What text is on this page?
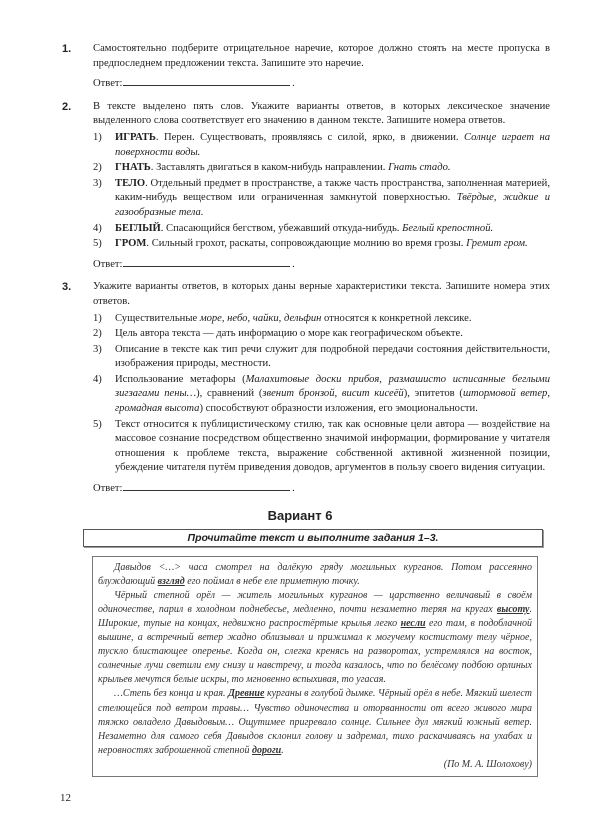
1. Самостоятельно подберите отрицательное наречие, которое должно стоять на месте пропуска в предпоследнем предложении текста. Запишите это наречие.
Ответ:	.
2. В тексте выделено пять слов. Укажите варианты ответов, в которых лексическое значение выделенного слова соответствует его значению в данном тексте. Запишите номера ответов.
1) ИГРАТЬ. Перен. Существовать, проявляясь с силой, ярко, в движении. Солнце играет на поверхности воды.
2) ГНАТЬ. Заставлять двигаться в каком-нибудь направлении. Гнать стадо.
3) ТЕЛО. Отдельный предмет в пространстве, а также часть пространства, заполненная материей, каким-нибудь веществом или ограниченная замкнутой поверхностью. Твёрдые, жидкие и газообразные тела.
4) БЕГЛЫЙ. Спасающийся бегством, убежавший откуда-нибудь. Беглый крепостной.
5) ГРОМ. Сильный грохот, раскаты, сопровождающие молнию во время грозы. Гремит гром.
Ответ:	.
3. Укажите варианты ответов, в которых даны верные характеристики текста. Запишите номера этих ответов.
1) Существительные море, небо, чайки, дельфин относятся к конкретной лексике.
2) Цель автора текста — дать информацию о море как географическом объекте.
3) Описание в тексте как тип речи служит для подробной передачи состояния действительности, изображения природы, местности.
4) Использование метафоры (Малахитовые доски прибоя, размашисто исписанные беглыми зигзагами пены…), сравнений (звенит бронзой, висит кисеёй), эпитетов (штормовой ветер, громадная высота) способствуют образности изложения, его эмоциональности.
5) Текст относится к публицистическому стилю, так как основные цели автора — воздействие на массовое сознание посредством общественно значимой информации, формирование у читателя отношения к проблеме текста, выражение собственной активной жизненной позиции, убеждение читателя путём приведения доводов, аргументов в пользу своего видения ситуации.
Ответ:	.
Вариант 6
Прочитайте текст и выполните задания 1–3.

Давыдов <…> часа смотрел на далёкую гряду могильных курганов. Потом рассеянно блуждающий взгляд его поймал в небе еле приметную точку.

Чёрный степной орёл — житель могильных курганов — царственно величавый в своём одиночестве, парил в холодном поднебесье, медленно, почти незаметно теряя на кругах высоту. Широкие, тупые на концах, недвижно распростёртые крылья легко несли его там, в подоблачной вышине, а встречный ветер жадно облизывал и прижимал к могучему костистому телу чёрное, тускло блистающее оперенье. Когда он, слегка кренясь на разворотах, устремлялся на восток, солнечные лучи светили ему снизу и навстречу, и тогда казалось, что по белёсому подбою орлиных крыльев мечутся белые искры, то мгновенно вспыхивая, то угасая.

…Степь без конца и края. Древние курганы в голубой дымке. Чёрный орёл в небе. Мягкий шелест стелющейся под ветром травы… Чувство одиночества и оторванности от всего живого мира тяжко овладело Давыдовым… Ощутимее пригревало солнце. Сильнее дул мягкий южный ветер. Незаметно для самого себя Давыдов склонил голову и задремал, тихо раскачиваясь на ухабах и неровностях заброшенной степной дороги.

(По М. А. Шолохову)
12
